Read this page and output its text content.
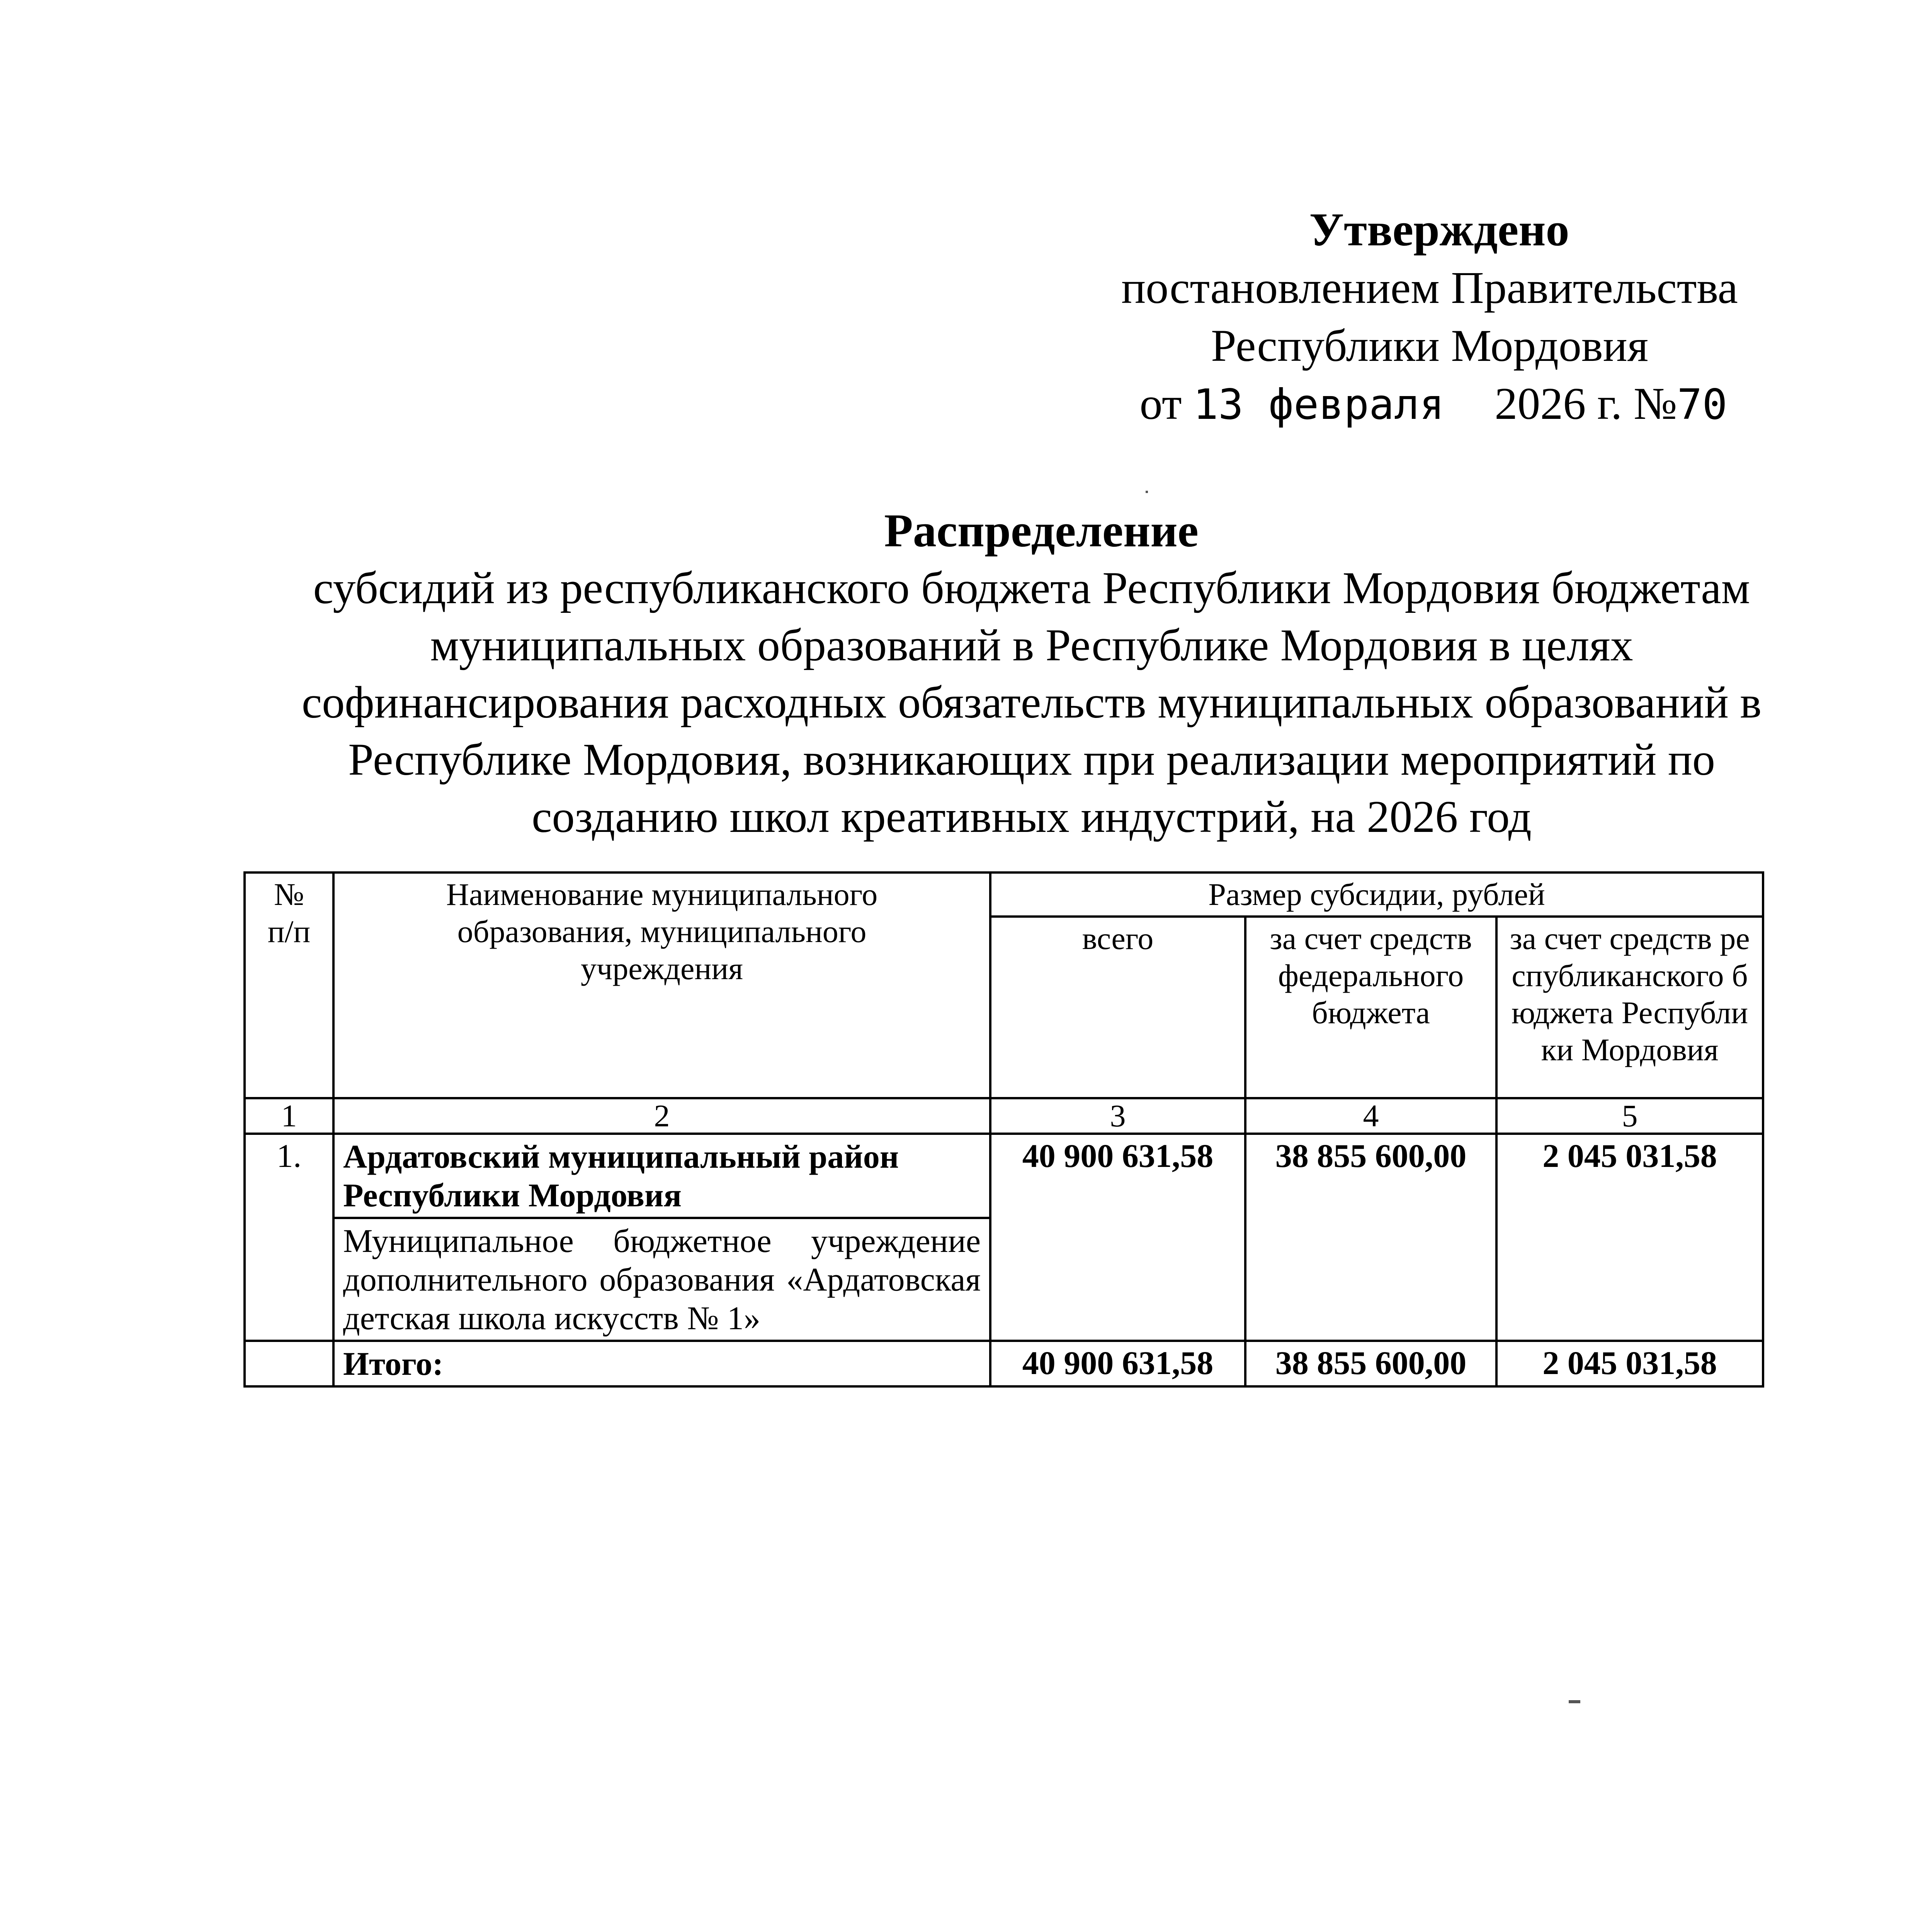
Утверждено
постановлением Правительства
Республики Мордовия
от 13 февраля 2026 г. №70
Распределение
субсидий из республиканского бюджета Республики Мордовия бюджетам
муниципальных образований в Республике Мордовия в целях
софинансирования расходных обязательств муниципальных образований в
Республике Мордовия, возникающих при реализации мероприятий по
созданию школ креативных индустрий, на 2026 год
№ п/п	Наименование муниципального образования, муниципального учреждения	Размер субсидии, рублей		
		всего	за счет средств федерального бюджета	за счет средств республиканского бюджета Республики Мордовия
1	2	3	4	5
1.	Ардатовский муниципальный район Республики Мордовия	40 900 631,58	38 855 600,00	2 045 031,58
	Муниципальное бюджетное учреждение дополнительного образования «Ардатовская детская школа искусств № 1»			
	Итого:	40 900 631,58	38 855 600,00	2 045 031,58
